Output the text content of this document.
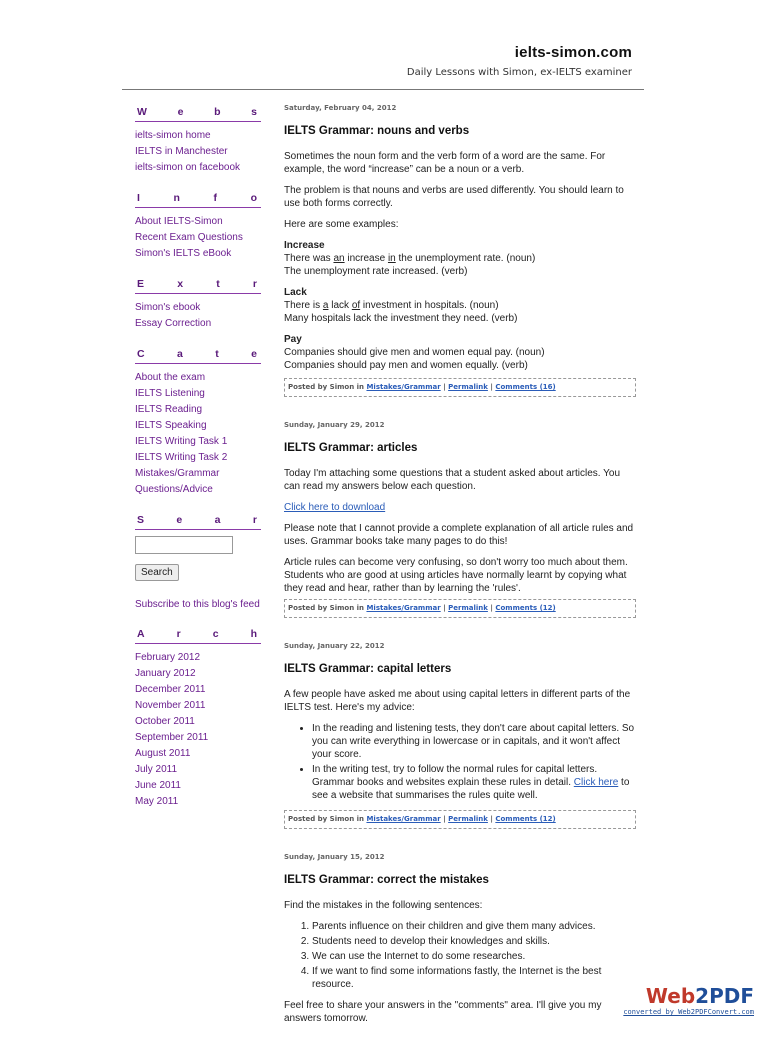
ielts-simon.com
Daily Lessons with Simon, ex-IELTS examiner
W	e	b	s
ielts-simon home
IELTS in Manchester
ielts-simon on facebook
I	n	f	o
About IELTS-Simon
Recent Exam Questions
Simon's IELTS eBook
E	x	t	r
Simon's ebook
Essay Correction
C	a	t	e
About the exam
IELTS Listening
IELTS Reading
IELTS Speaking
IELTS Writing Task 1
IELTS Writing Task 2
Mistakes/Grammar
Questions/Advice
S	e	a	r
Search
Subscribe to this blog's feed
A	r	c	h
February 2012
January 2012
December 2011
November 2011
October 2011
September 2011
August 2011
July 2011
June 2011
May 2011
Saturday, February 04, 2012
IELTS Grammar: nouns and verbs

Sometimes the noun form and the verb form of a word are the same. For example, the word “increase” can be a noun or a verb.

The problem is that nouns and verbs are used differently. You should learn to use both forms correctly.

Here are some examples:

Increase
There was an increase in the unemployment rate. (noun)
The unemployment rate increased. (verb)
Lack
There is a lack of investment in hospitals. (noun)
Many hospitals lack the investment they need. (verb)
Pay
Companies should give men and women equal pay. (noun)
Companies should pay men and women equally. (verb)
Posted by Simon in Mistakes/Grammar | Permalink | Comments (16)
Sunday, January 29, 2012
IELTS Grammar: articles

Today I'm attaching some questions that a student asked about articles. You can read my answers below each question.

Click here to download

Please note that I cannot provide a complete explanation of all article rules and uses. Grammar books take many pages to do this!

Article rules can become very confusing, so don't worry too much about them. Students who are good at using articles have normally learnt by copying what they read and hear, rather than by learning the 'rules'.

Posted by Simon in Mistakes/Grammar | Permalink | Comments (12)
Sunday, January 22, 2012
IELTS Grammar: capital letters

A few people have asked me about using capital letters in different parts of the IELTS test. Here's my advice:

• In the reading and listening tests, they don't care about capital letters. So you can write everything in lowercase or in capitals, and it won't affect your score.
• In the writing test, try to follow the normal rules for capital letters. Grammar books and websites explain these rules in detail. Click here to see a website that summarises the rules quite well.
Posted by Simon in Mistakes/Grammar | Permalink | Comments (12)
Sunday, January 15, 2012
IELTS Grammar: correct the mistakes

Find the mistakes in the following sentences:

1. Parents influence on their children and give them many advices.
2. Students need to develop their knowledges and skills.
3. We can use the Internet to do some researches.
4. If we want to find some informations fastly, the Internet is the best resource.

Feel free to share your answers in the "comments" area. I'll give you my answers tomorrow.

Web2PDF
converted by Web2PDFConvert.com
